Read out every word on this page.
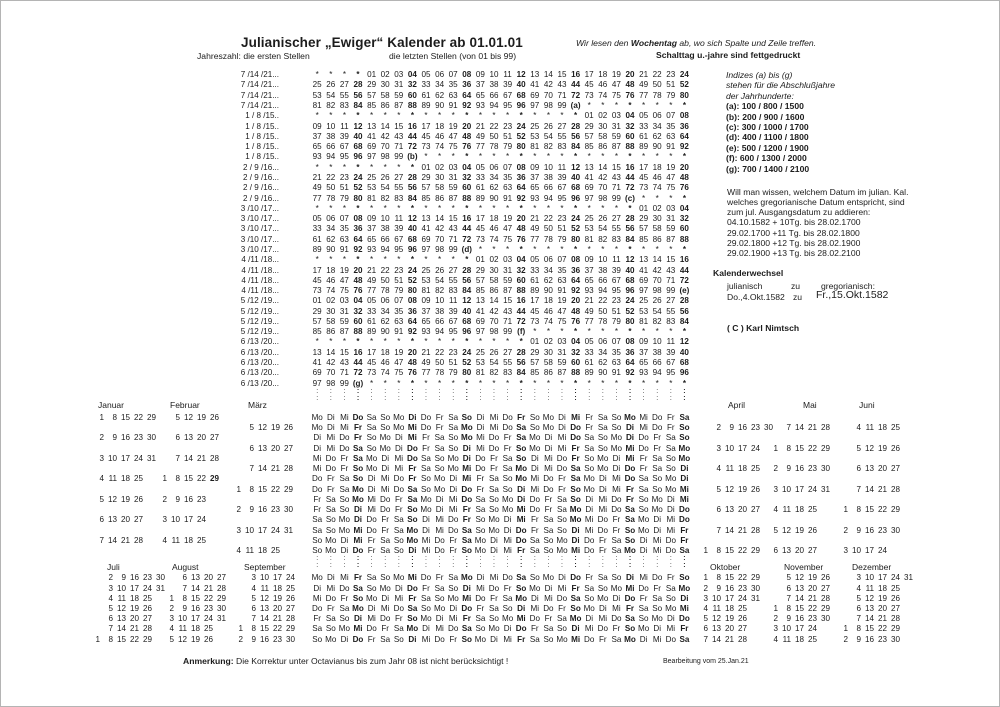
Julianischer „Ewiger“ Kalender ab 01.01.01
Jahreszahl: die ersten Stellen	die letzten Stellen (von 01 bis 99)
Wir lesen den Wochentag ab, wo sich Spalte und Zeile treffen.
Schalttag u.-jahre sind fettgedruckt
Kalenderwechsel
julianisch	zu gregorianisch:
Do.,4.Okt.1582 zu Fr.,15.Okt.1582
( C ) Karl Nimtsch
Anmerkung: Die Korrektur unter Octavianus bis zum Jahr 08 ist nicht berücksichtigt !	Bearbeitung vom 25.Jan.21
7 /14 /21...	*	*	*	* 01 02 03 04 05 06 07 08 09 10 11 12 13 14 15 16 17 18 19 20 21 22 23 24
7 /14 /21...	25 26 27 28 29 30 31 32 33 34 35 36 37 38 39 40 41 42 43 44 45 46 47 48 49 50 51 52
7 /14 /21...	53 54 55 56 57 58 59 60 61 62 63 64 65 66 67 68 69 70 71 72 73 74 75 76 77 78 79 80
7 /14 /21...	81 82 83 84 85 86 87 88 89 90 91 92 93 94 95 96 97 98 99 (a) *	*	*	*	*	*	*	*
1 / 8 /15..	*	*	*	*	*	*	*	*	*	*	*	*	*	*	*	*	*	*	*	* 01 02 03 04 05 06 07 08
1 / 8 /15..	09 10 11 12 13 14 15 16 17 18 19 20 21 22 23 24 25 26 27 28 29 30 31 32 33 34 35 36
1 / 8 /15..	37 38 39 40 41 42 43 44 45 46 47 48 49 50 51 52 53 54 55 56 57 58 59 60 61 62 63 64
1 / 8 /15..	65 66 67 68 69 70 71 72 73 74 75 76 77 78 79 80 81 82 83 84 85 86 87 88 89 90 91 92
1 / 8 /15..	93 94 95 96 97 98 99 (b) *	*	*	*	*	*	*	*	*	*	*	*	*	*	*	*	*	*	*	*
2 / 9 /16...	*	*	*	*	*	*	*	* 01 02 03 04 05 06 07 08 09 10 11 12 13 14 15 16 17 18 19 20
2 / 9 /16...	21 22 23 24 25 26 27 28 29 30 31 32 33 34 35 36 37 38 39 40 41 42 43 44 45 46 47 48
2 / 9 /16...	49 50 51 52 53 54 55 56 57 58 59 60 61 62 63 64 65 66 67 68 69 70 71 72 73 74 75 76
2 / 9 /16...	77 78 79 80 81 82 83 84 85 86 87 88 89 90 91 92 93 94 95 96 97 98 99 (c) *	*	*	*
3 /10 /17...	*	*	*	*	*	*	*	*	*	*	*	*	*	*	*	*	*	*	*	*	*	*	*	* 01 02 03 04
3 /10 /17...	05 06 07 08 09 10 11 12 13 14 15 16 17 18 19 20 21 22 23 24 25 26 27 28 29 30 31 32
3 /10 /17...	33 34 35 36 37 38 39 40 41 42 43 44 45 46 47 48 49 50 51 52 53 54 55 56 57 58 59 60
3 /10 /17...	61 62 63 64 65 66 67 68 69 70 71 72 73 74 75 76 77 78 79 80 81 82 83 84 85 86 87 88
3 /10 /17...	89 90 91 92 93 94 95 96 97 98 99 (d) *	*	*	*	*	*	*	*	*	*	*	*	*	*	*	*
4 /11 /18...	*	*	*	*	*	*	*	*	*	*	*	* 01 02 03 04 05 06 07 08 09 10 11 12 13 14 15 16
4 /11 /18...	17 18 19 20 21 22 23 24 25 26 27 28 29 30 31 32 33 34 35 36 37 38 39 40 41 42 43 44
4 /11 /18...	45 46 47 48 49 50 51 52 53 54 55 56 57 58 59 60 61 62 63 64 65 66 67 68 69 70 71 72
4 /11 /18...	73 74 75 76 77 78 79 80 81 82 83 84 85 86 87 88 89 90 91 92 93 94 95 96 97 98 99 (e)
5 /12 /19...	01 02 03 04 05 06 07 08 09 10 11 12 13 14 15 16 17 18 19 20 21 22 23 24 25 26 27 28
5 /12 /19...	29 30 31 32 33 34 35 36 37 38 39 40 41 42 43 44 45 46 47 48 49 50 51 52 53 54 55 56
5 /12 /19...	57 58 59 60 61 62 63 64 65 66 67 68 69 70 71 72 73 74 75 76 77 78 79 80 81 82 83 84
5 /12 /19...	85 86 87 88 89 90 91 92 93 94 95 96 97 98 99 (f) *	*	*	*	*	*	*	*	*	*	*	*
6 /13 /20...	*	*	*	*	*	*	*	*	*	*	*	*	*	*	*	* 01 02 03 04 05 06 07 08 09 10 11 12
6 /13 /20...	13 14 15 16 17 18 19 20 21 22 23 24 25 26 27 28 29 30 31 32 33 34 35 36 37 38 39 40
6 /13 /20...	41 42 43 44 45 46 47 48 49 50 51 52 53 54 55 56 57 58 59 60 61 62 63 64 65 66 67 68
6 /13 /20...	69 70 71 72 73 74 75 76 77 78 79 80 81 82 83 84 85 86 87 88 89 90 91 92 93 94 95 96
6 /13 /20...	97 98 99 (g) *	*	*	*	*	*	*	*	*	*	*	*	*	*	*	*	*	*	*	*	*	*	*	*
:	:	:	:	:	:	:	:	:	:	:	:	:	:	:	:	:	:	:	:	:	:	:	:	:	:	:	:
:	:	:	:	:	:	:	:	:	:	:	:	:	:	:	:	:	:	:	:	:	:	:	:	:	:	:	:
:	:	:	:	:	:	:	:	:	:	:	:	:	:	:	:	:	:	:	:	:	:	:	:	:	:	:	:
:	:	:	:	:	:	:	:	:	:	:	:	:	:	:	:	:	:	:	:	:	:	:	:	:	:	:	:
Mo Di Mi Do Sa So Mo Di Do Fr Sa So Di Mi Do Fr So Mo Di Mi Fr Sa So Mo Mi Do Fr Sa
Mo Di Mi Fr Sa So Mo Mi Do Fr Sa Mo Di Mi Do Sa So Mo Di Do Fr Sa So Di Mi Do Fr So
Di Mi Do Fr So Mo Di Mi Fr Sa So Mo Mi Do Fr Sa Mo Di Mi Do Sa So Mo Di Do Fr Sa So
Di Mi Do Sa So Mo Di Do Fr Sa So Di Mi Do Fr So Mo Di Mi Fr Sa So Mo Mi Do Fr Sa Mo
Mi Do Fr Sa Mo Di Mi Do Sa So Mo Di Do Fr Sa So Di Mi Do Fr So Mo Di Mi Fr Sa So Mo
Mi Do Fr So Mo Di Mi Fr Sa So Mo Mi Do Fr Sa Mo Di Mi Do Sa So Mo Di Do Fr Sa So Di
Do Fr Sa So Di Mi Do Fr So Mo Di Mi Fr Sa So Mo Mi Do Fr Sa Mo Di Mi Do Sa So Mo Di
Do Fr Sa Mo Di Mi Do Sa So Mo Di Do Fr Sa So Di Mi Do Fr So Mo Di Mi Fr Sa So Mo Mi
Fr Sa So Mo Mi Do Fr Sa Mo Di Mi Do Sa So Mo Di Do Fr Sa So Di Mi Do Fr So Mo Di Mi
Fr Sa So Di Mi Do Fr So Mo Di Mi Fr Sa So Mo Mi Do Fr Sa Mo Di Mi Do Sa So Mo Di Do
Sa So Mo Di Do Fr Sa So Di Mi Do Fr So Mo Di Mi Fr Sa So Mo Mi Do Fr Sa Mo Di Mi Do
Sa So Mo Mi Do Fr Sa Mo Di Mi Do Sa So Mo Di Do Fr Sa So Di Mi Do Fr So Mo Di Mi Fr
So Mo Di Mi Fr Sa So Mo Mi Do Fr Sa Mo Di Mi Do Sa So Mo Di Do Fr Sa So Di Mi Do Fr
So Mo Di Do Fr Sa So Di Mi Do Fr So Mo Di Mi Fr Sa So Mo Mi Do Fr Sa Mo Di Mi Do Sa
Mo Di Mi Fr Sa So Mo Mi Do Fr Sa Mo Di Mi Do Sa So Mo Di Do Fr Sa So Di Mi Do Fr So
Di Mi Do Sa So Mo Di Do Fr Sa So Di Mi Do Fr So Mo Di Mi Fr Sa So Mo Mi Do Fr Sa Mo
Mi Do Fr So Mo Di Mi Fr Sa So Mo Mi Do Fr Sa Mo Di Mi Do Sa So Mo Di Do Fr Sa So Di
Do Fr Sa Mo Di Mi Do Sa So Mo Di Do Fr Sa So Di Mi Do Fr So Mo Di Mi Fr Sa So Mo Mi
Fr Sa So Di Mi Do Fr So Mo Di Mi Fr Sa So Mo Mi Do Fr Sa Mo Di Mi Do Sa So Mo Di Do
Sa So Mo Mi Do Fr Sa Mo Di Mi Do Sa So Mo Di Do Fr Sa So Di Mi Do Fr So Mo Di Mi Fr
So Mo Di Do Fr Sa So Di Mi Do Fr So Mo Di Mi Fr Sa So Mo Mi Do Fr Sa Mo Di Mi Do Sa
Januar
1	8 15 22 29
2	9 16 23 30
3 10 17 24 31
4 11 18 25
5 12 19 26
6 13 20 27
7 14 21 28
Februar
5 12 19 26
6 13 20 27
7 14 21 28
1	8 15 22 29
2	9 16 23
3 10 17 24
4 11 18 25
März
5 12 19 26
6 13 20 27
7 14 21 28
1	8 15 22 29
2	9 16 23 30
3 10 17 24 31
4 11 18 25
April
2	9 16 23 30
3 10 17 24
4 11 18 25
5 12 19 26
6 13 20 27
7 14 21 28
1	8 15 22 29
Mai
7 14 21 28
1	8 15 22 29
2	9 16 23 30
3 10 17 24 31
4 11 18 25
5 12 19 26
6 13 20 27
Juni
4 11 18 25
5 12 19 26
6 13 20 27
7 14 21 28
1	8 15 22 29
2	9 16 23 30
3 10 17 24
Juli
2	9 16 23 30
3 10 17 24 31
4 11 18 25
5 12 19 26
6 13 20 27
7 14 21 28
1	8 15 22 29
August
6 13 20 27
7 14 21 28
1	8 15 22 29
2	9 16 23 30
3 10 17 24 31
4 11 18 25
5 12 19 26
September
3 10 17 24
4 11 18 25
5 12 19 26
6 13 20 27
7 14 21 28
1	8 15 22 29
2	9 16 23 30
Oktober
1	8 15 22 29
2	9 16 23 30
3 10 17 24 31
4 11 18 25
5 12 19 26
6 13 20 27
7 14 21 28
November
5 12 19 26
6 13 20 27
7 14 21 28
1	8 15 22 29
2	9 16 23 30
3 10 17 24
4 11 18 25
Dezember
3 10 17 24 31
4 11 18 25
5 12 19 26
6 13 20 27
7 14 21 28
1	8 15 22 29
2	9 16 23 30
Indizes (a) bis (g)
stehen für die Abschlußjahre
der Jahrhunderte:
(a): 100 / 800 / 1500
(b): 200 / 900 / 1600
(c): 300 / 1000 / 1700
(d): 400 / 1100 / 1800
(e): 500 / 1200 / 1900
(f): 600 / 1300 / 2000
(g): 700 / 1400 / 2100
Will man wissen, welchem Datum im julian. Kal.
welches gregorianische Datum entspricht, sind
zum jul. Ausgangsdatum zu addieren:
04.10.1582 + 10Tg. bis 28.02.1700
29.02.1700 +11 Tg. bis 28.02.1800
29.02.1800 +12 Tg. bis 28.02.1900
29.02.1900 +13 Tg. bis 28.02.2100
